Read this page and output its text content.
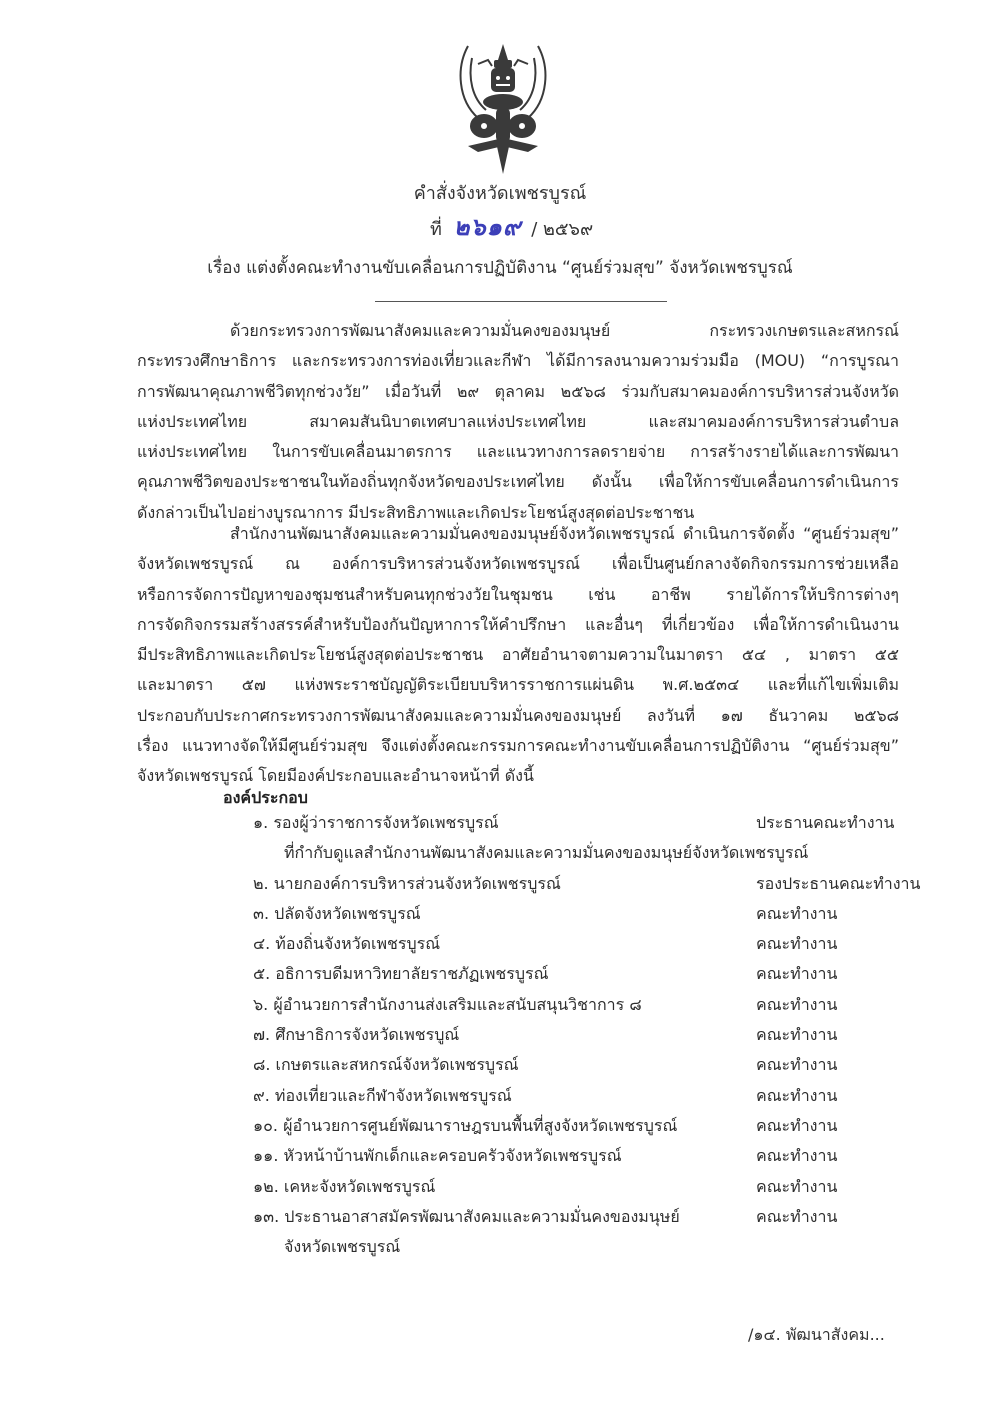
คำสั่งจังหวัดเพชรบูรณ์
ที่ ๒๖๑๙ / ๒๕๖๙
เรื่อง แต่งตั้งคณะทำงานขับเคลื่อนการปฏิบัติงาน “ศูนย์ร่วมสุข” จังหวัดเพชรบูรณ์
ด้วยกระทรวงการพัฒนาสังคมและความมั่นคงของมนุษย์ กระทรวงเกษตรและสหกรณ์
กระทรวงศึกษาธิการ และกระทรวงการท่องเที่ยวและกีฬา ได้มีการลงนามความร่วมมือ (MOU) “การบูรณา
การพัฒนาคุณภาพชีวิตทุกช่วงวัย” เมื่อวันที่ ๒๙ ตุลาคม ๒๕๖๘ ร่วมกับสมาคมองค์การบริหารส่วนจังหวัด
แห่งประเทศไทย สมาคมสันนิบาตเทศบาลแห่งประเทศไทย และสมาคมองค์การบริหารส่วนตำบล
แห่งประเทศไทย ในการขับเคลื่อนมาตรการ และแนวทางการลดรายจ่าย การสร้างรายได้และการพัฒนา
คุณภาพชีวิตของประชาชนในท้องถิ่นทุกจังหวัดของประเทศไทย ดังนั้น เพื่อให้การขับเคลื่อนการดำเนินการ
ดังกล่าวเป็นไปอย่างบูรณาการ มีประสิทธิภาพและเกิดประโยชน์สูงสุดต่อประชาชน
สำนักงานพัฒนาสังคมและความมั่นคงของมนุษย์จังหวัดเพชรบูรณ์ ดำเนินการจัดตั้ง “ศูนย์ร่วมสุข”
จังหวัดเพชรบูรณ์ ณ องค์การบริหารส่วนจังหวัดเพชรบูรณ์ เพื่อเป็นศูนย์กลางจัดกิจกรรมการช่วยเหลือ
หรือการจัดการปัญหาของชุมชนสำหรับคนทุกช่วงวัยในชุมชน เช่น อาชีพ รายได้การให้บริการต่างๆ
การจัดกิจกรรมสร้างสรรค์สำหรับป้องกันปัญหาการให้คำปรึกษา และอื่นๆ ที่เกี่ยวข้อง เพื่อให้การดำเนินงาน
มีประสิทธิภาพและเกิดประโยชน์สูงสุดต่อประชาชน อาศัยอำนาจตามความในมาตรา ๕๔ , มาตรา ๕๕
และมาตรา ๕๗ แห่งพระราชบัญญัติระเบียบบริหารราชการแผ่นดิน พ.ศ.๒๕๓๔ และที่แก้ไขเพิ่มเติม
ประกอบกับประกาศกระทรวงการพัฒนาสังคมและความมั่นคงของมนุษย์ ลงวันที่ ๑๗ ธันวาคม ๒๕๖๘
เรื่อง แนวทางจัดให้มีศูนย์ร่วมสุข จึงแต่งตั้งคณะกรรมการคณะทำงานขับเคลื่อนการปฏิบัติงาน “ศูนย์ร่วมสุข”
จังหวัดเพชรบูรณ์ โดยมีองค์ประกอบและอำนาจหน้าที่ ดังนี้
องค์ประกอบ
๑. รองผู้ว่าราชการจังหวัดเพชรบูรณ์	ประธานคณะทำงาน
ที่กำกับดูแลสำนักงานพัฒนาสังคมและความมั่นคงของมนุษย์จังหวัดเพชรบูรณ์
๒. นายกองค์การบริหารส่วนจังหวัดเพชรบูรณ์	รองประธานคณะทำงาน
๓. ปลัดจังหวัดเพชรบูรณ์	คณะทำงาน
๔. ท้องถิ่นจังหวัดเพชรบูรณ์	คณะทำงาน
๕. อธิการบดีมหาวิทยาลัยราชภัฏเพชรบูรณ์	คณะทำงาน
๖. ผู้อำนวยการสำนักงานส่งเสริมและสนับสนุนวิชาการ ๘	คณะทำงาน
๗. ศึกษาธิการจังหวัดเพชรบูณ์	คณะทำงาน
๘. เกษตรและสหกรณ์จังหวัดเพชรบูรณ์	คณะทำงาน
๙. ท่องเที่ยวและกีฬาจังหวัดเพชรบูรณ์	คณะทำงาน
๑๐. ผู้อำนวยการศูนย์พัฒนาราษฎรบนพื้นที่สูงจังหวัดเพชรบูรณ์	คณะทำงาน
๑๑. หัวหน้าบ้านพักเด็กและครอบครัวจังหวัดเพชรบูรณ์	คณะทำงาน
๑๒. เคหะจังหวัดเพชรบูรณ์	คณะทำงาน
๑๓. ประธานอาสาสมัครพัฒนาสังคมและความมั่นคงของมนุษย์	คณะทำงาน
จังหวัดเพชรบูรณ์
/๑๔. พัฒนาสังคม...
